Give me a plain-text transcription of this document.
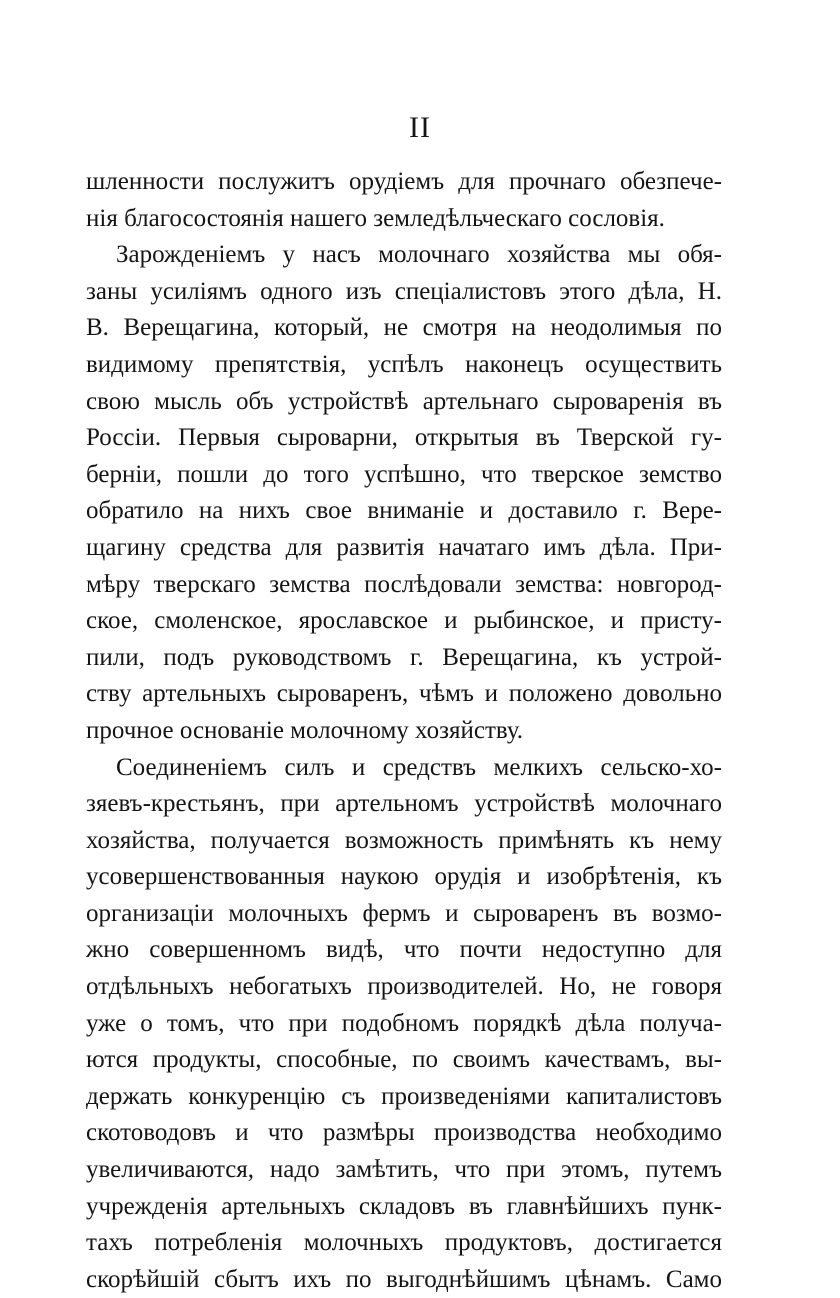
II
шленности послужитъ орудіемъ для прочнаго обезпече-
нія благосостоянія нашего земледѣльческаго сословія.
Зарожденіемъ у насъ молочнаго хозяйства мы обя-
заны усиліямъ одного изъ спеціалистовъ этого дѣла, Н.
В. Верещагина, который, не смотря на неодолимыя по
видимому препятствія, успѣлъ наконецъ осуществить
свою мысль объ устройствѣ артельнаго сыроваренія въ
Россіи. Первыя сыроварни, открытыя въ Тверской гу-
берніи, пошли до того успѣшно, что тверское земство
обратило на нихъ свое вниманіе и доставило г. Вере-
щагину средства для развитія начатаго имъ дѣла. При-
мѣру тверскаго земства послѣдовали земства: новгород-
ское, смоленское, ярославское и рыбинское, и присту-
пили, подъ руководствомъ г. Верещагина, къ устрой-
ству артельныхъ сыроваренъ, чѣмъ и положено довольно
прочное основаніе молочному хозяйству.
Соединеніемъ силъ и средствъ мелкихъ сельско-хо-
зяевъ-крестьянъ, при артельномъ устройствѣ молочнаго
хозяйства, получается возможность примѣнять къ нему
усовершенствованныя наукою орудія и изобрѣтенія, къ
организаціи молочныхъ фермъ и сыроваренъ въ возмо-
жно совершенномъ видѣ, что почти недоступно для
отдѣльныхъ небогатыхъ производителей. Но, не говоря
уже о томъ, что при подобномъ порядкѣ дѣла получа-
ются продукты, способные, по своимъ качествамъ, вы-
держать конкуренцію съ произведеніями капиталистовъ
скотоводовъ и что размѣры производства необходимо
увеличиваются, надо замѣтить, что при этомъ, путемъ
учрежденія артельныхъ складовъ въ главнѣйшихъ пунк-
тахъ потребленія молочныхъ продуктовъ, достигается
скорѣйшій сбытъ ихъ по выгоднѣйшимъ цѣнамъ. Само
